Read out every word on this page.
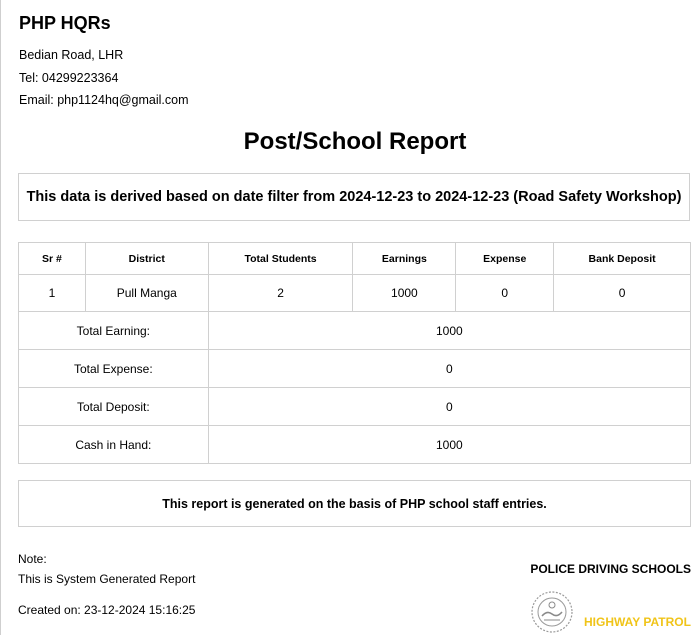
PHP HQRs
Bedian Road, LHR
Tel: 04299223364
Email: php1124hq@gmail.com
Post/School Report
This data is derived based on date filter from 2024-12-23 to 2024-12-23 (Road Safety Workshop)
Sr #	District	Total Students	Earnings	Expense	Bank Deposit
1	Pull Manga	2	1000	0	0
Total Earning:		1000			
Total Expense:		0			
Total Deposit:		0			
Cash in Hand:		1000			
This report is generated on the basis of PHP school staff entries.
Note:
This is System Generated Report
Created on: 23-12-2024 15:16:25
POLICE DRIVING SCHOOLS
HIGHWAY PATROL
